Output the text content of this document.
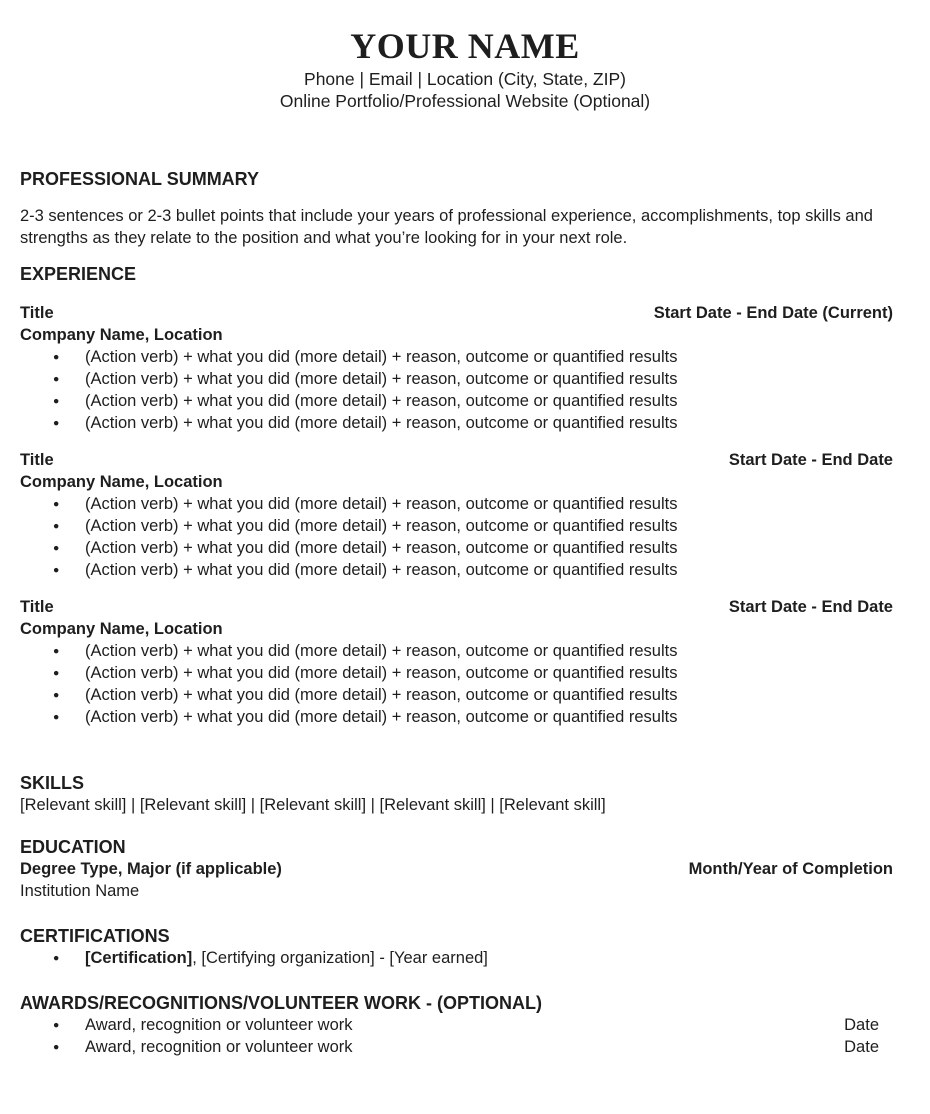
YOUR NAME
Phone | Email | Location (City, State, ZIP)
Online Portfolio/Professional Website (Optional)
PROFESSIONAL SUMMARY

2-3 sentences or 2-3 bullet points that include your years of professional experience, accomplishments, top skills and strengths as they relate to the position and what you’re looking for in your next role.

EXPERIENCE
Title	Start Date - End Date (Current)
Company Name, Location
● (Action verb) + what you did (more detail) + reason, outcome or quantified results
● (Action verb) + what you did (more detail) + reason, outcome or quantified results
● (Action verb) + what you did (more detail) + reason, outcome or quantified results
● (Action verb) + what you did (more detail) + reason, outcome or quantified results
Title	Start Date - End Date
Company Name, Location
● (Action verb) + what you did (more detail) + reason, outcome or quantified results
● (Action verb) + what you did (more detail) + reason, outcome or quantified results
● (Action verb) + what you did (more detail) + reason, outcome or quantified results
● (Action verb) + what you did (more detail) + reason, outcome or quantified results
Title	Start Date - End Date
Company Name, Location
● (Action verb) + what you did (more detail) + reason, outcome or quantified results
● (Action verb) + what you did (more detail) + reason, outcome or quantified results
● (Action verb) + what you did (more detail) + reason, outcome or quantified results
● (Action verb) + what you did (more detail) + reason, outcome or quantified results
SKILLS

[Relevant skill] | [Relevant skill] | [Relevant skill] | [Relevant skill] | [Relevant skill]

EDUCATION
Degree Type, Major (if applicable)	Month/Year of Completion
Institution Name
CERTIFICATIONS
● [Certification], [Certifying organization] - [Year earned]
AWARDS/RECOGNITIONS/VOLUNTEER WORK - (OPTIONAL)
● Award, recognition or volunteer work	Date
● Award, recognition or volunteer work	Date
